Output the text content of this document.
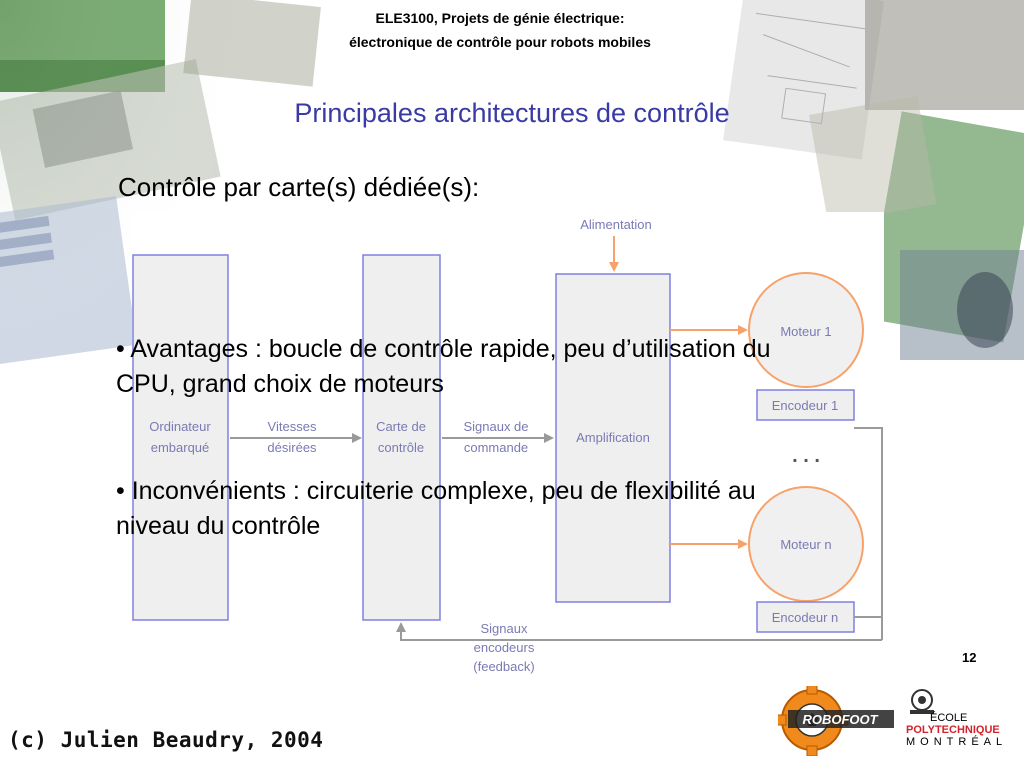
ELE3100, Projets de génie électrique:
électronique de contrôle pour robots mobiles
Principales architectures de contrôle
Contrôle par carte(s) dédiée(s):
Alimentation
Ordinateur
embarqué
Vitesses
désirées
Carte de
contrôle
Signaux de
commande
Amplification
Moteur 1
Encodeur 1
. . .
Moteur n
Encodeur n
Signaux
encodeurs
(feedback)
• Avantages : boucle de contrôle rapide, peu d’utilisation du
CPU, grand choix de moteurs
• Inconvénients : circuiterie complexe, peu de flexibilité au
niveau du contrôle
12
(c) Julien Beaudry, 2004
ROBOFOOT	ÉCOLE
POLYTECHNIQUE
MONTRÉAL
